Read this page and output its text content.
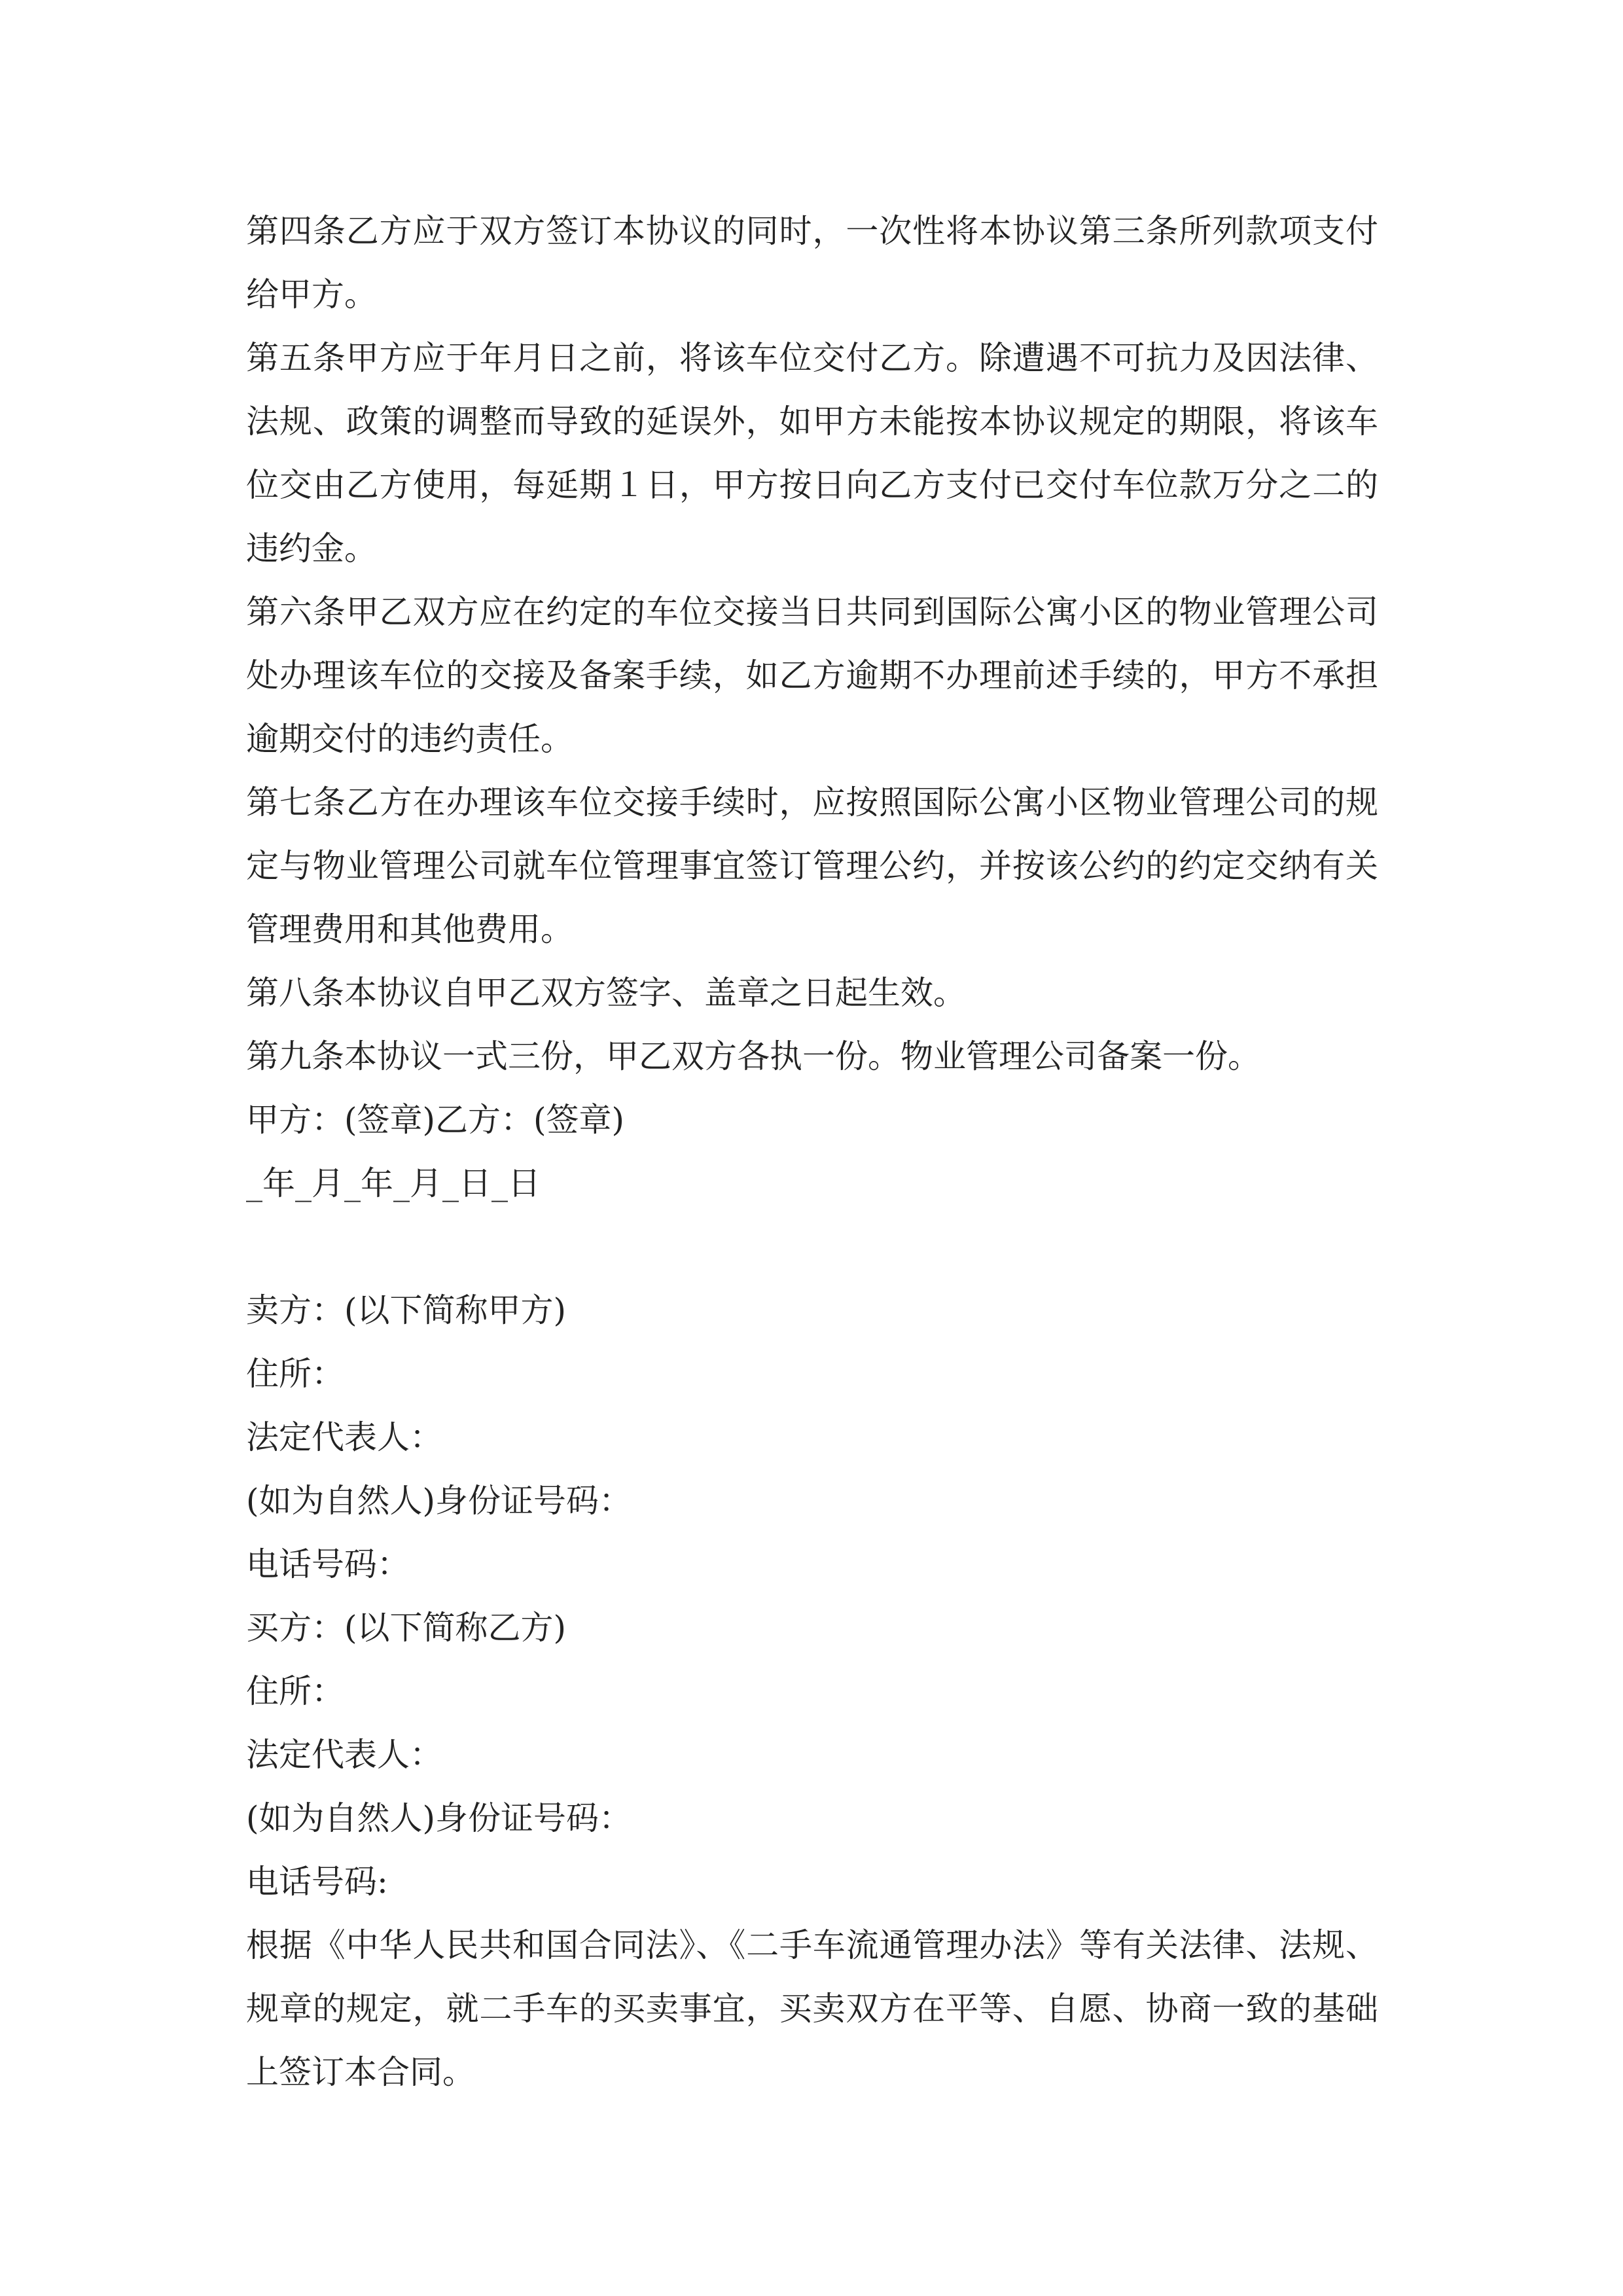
第四条乙方应于双方签订本协议的同时，一次性将本协议第三条所列款项支付给甲方。

第五条甲方应于年月日之前，将该车位交付乙方。除遭遇不可抗力及因法律、法规、政策的调整而导致的延误外，如甲方未能按本协议规定的期限，将该车位交由乙方使用，每延期１日，甲方按日向乙方支付已交付车位款万分之二的违约金。

第六条甲乙双方应在约定的车位交接当日共同到国际公寓小区的物业管理公司处办理该车位的交接及备案手续，如乙方逾期不办理前述手续的，甲方不承担逾期交付的违约责任。

第七条乙方在办理该车位交接手续时，应按照国际公寓小区物业管理公司的规定与物业管理公司就车位管理事宜签订管理公约，并按该公约的约定交纳有关管理费用和其他费用。

第八条本协议自甲乙双方签字、盖章之日起生效。

第九条本协议一式三份，甲乙双方各执一份。物业管理公司备案一份。

甲方：(签章)乙方：(签章)

_年_月_年_月_日_日

卖方：(以下简称甲方)

住所：

法定代表人：

(如为自然人)身份证号码：

电话号码：

买方：(以下简称乙方)

住所：

法定代表人：

(如为自然人)身份证号码：

电话号码:

根据《中华人民共和国合同法》、《二手车流通管理办法》等有关法律、法规、规章的规定，就二手车的买卖事宜，买卖双方在平等、自愿、协商一致的基础上签订本合同。
